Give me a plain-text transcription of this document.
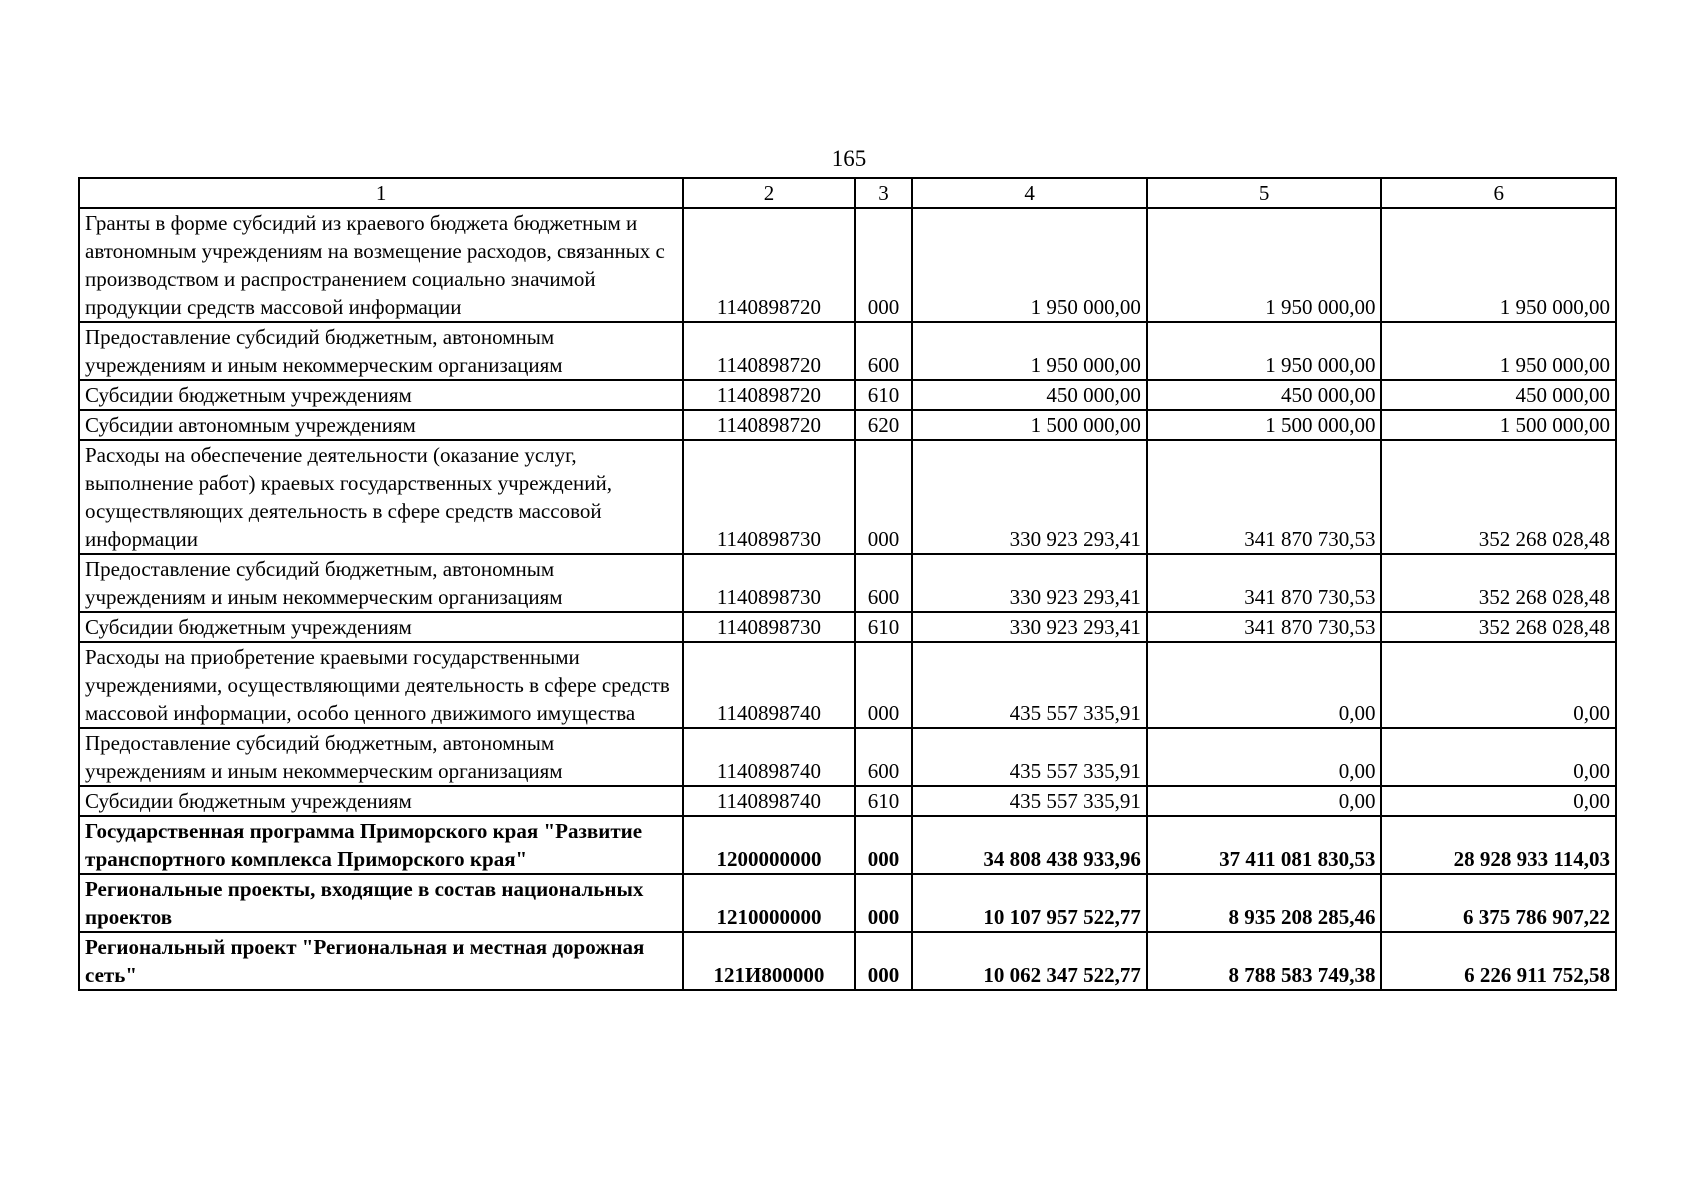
165
1	2	3	4	5	6
Гранты в форме субсидий из краевого бюджета бюджетным и автономным учреждениям на возмещение расходов, связанных с производством и распространением социально значимой продукции средств массовой информации	1140898720	000	1 950 000,00	1 950 000,00	1 950 000,00
Предоставление субсидий бюджетным, автономным учреждениям и иным некоммерческим организациям	1140898720	600	1 950 000,00	1 950 000,00	1 950 000,00
Субсидии бюджетным учреждениям	1140898720	610	450 000,00	450 000,00	450 000,00
Субсидии автономным учреждениям	1140898720	620	1 500 000,00	1 500 000,00	1 500 000,00
Расходы на обеспечение деятельности (оказание услуг, выполнение работ) краевых государственных учреждений, осуществляющих деятельность в сфере средств массовой информации	1140898730	000	330 923 293,41	341 870 730,53	352 268 028,48
Предоставление субсидий бюджетным, автономным учреждениям и иным некоммерческим организациям	1140898730	600	330 923 293,41	341 870 730,53	352 268 028,48
Субсидии бюджетным учреждениям	1140898730	610	330 923 293,41	341 870 730,53	352 268 028,48
Расходы на приобретение краевыми государственными учреждениями, осуществляющими деятельность в сфере средств массовой информации, особо ценного движимого имущества	1140898740	000	435 557 335,91	0,00	0,00
Предоставление субсидий бюджетным, автономным учреждениям и иным некоммерческим организациям	1140898740	600	435 557 335,91	0,00	0,00
Субсидии бюджетным учреждениям	1140898740	610	435 557 335,91	0,00	0,00
Государственная программа Приморского края "Развитие транспортного комплекса Приморского края"	1200000000	000	34 808 438 933,96	37 411 081 830,53	28 928 933 114,03
Региональные проекты, входящие в состав национальных проектов	1210000000	000	10 107 957 522,77	8 935 208 285,46	6 375 786 907,22
Региональный проект "Региональная и местная дорожная сеть"	121И800000	000	10 062 347 522,77	8 788 583 749,38	6 226 911 752,58
